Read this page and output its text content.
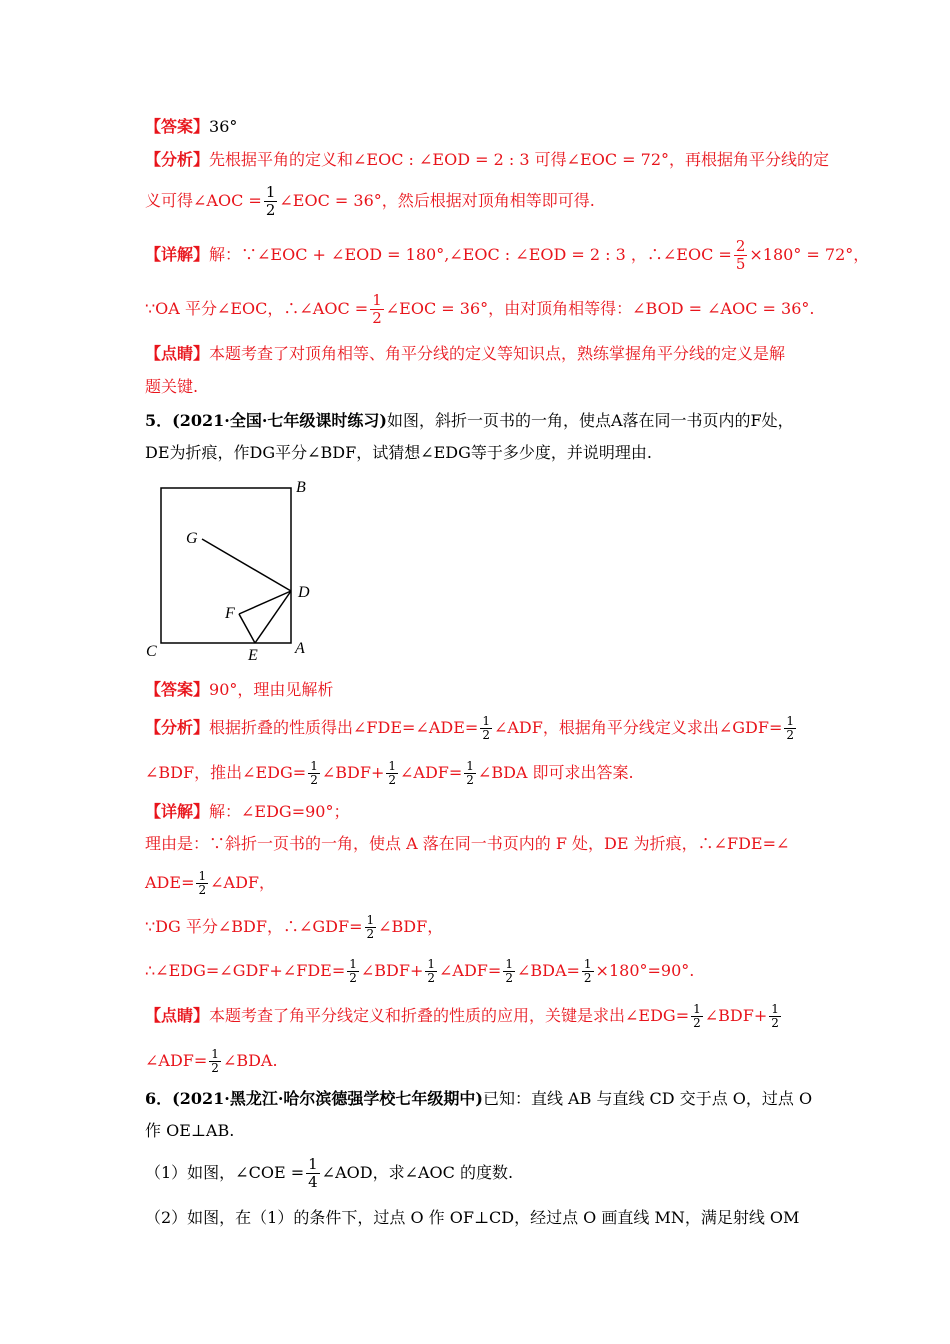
【答案】36°
【分析】先根据平角的定义和∠EOC : ∠EOD = 2 : 3 可得∠EOC = 72°，再根据角平分线的定
义可得∠AOC = $\frac{1}{2}$ ∠EOC = 36°，然后根据对顶角相等即可得.
【详解】解：∵∠EOC + ∠EOD = 180°,∠EOC : ∠EOD = 2 : 3 ，∴∠EOC = $\frac{2}{5} \times 180^\circ = 72^\circ$，
∵OA 平分∠EOC，∴∠AOC = $\frac{1}{2}$ ∠EOC = 36°，由对顶角相等得：∠BOD = ∠AOC = 36°.
【点睛】本题考查了对顶角相等、角平分线的定义等知识点，熟练掌握角平分线的定义是解
题关键.
5．(2021·全国·七年级课时练习)如图，斜折一页书的一角，使点A落在同一书页内的F处，
DE为折痕，作DG平分∠BDF，试猜想∠EDG等于多少度，并说明理由.
B
G
D
F
C	E A
【答案】90°，理由见解析
【分析】根据折叠的性质得出∠FDE=∠ADE= $\frac{1}{2}$ ∠ADF，根据角平分线定义求出∠GDF= $\frac{1}{2}$
∠BDF，推出∠EDG= $\frac{1}{2}$ ∠BDF+ $\frac{1}{2}$ ∠ADF= $\frac{1}{2}$ ∠BDA 即可求出答案.
【详解】解：∠EDG=90°；
理由是：∵斜折一页书的一角，使点 A 落在同一书页内的 F 处，DE 为折痕，∴∠FDE=∠
$ADE= \frac{1}{2}$ ∠ADF，
∵DG 平分∠BDF，∴∠GDF= $\frac{1}{2}$ ∠BDF，
∴∠EDG=∠GDF+∠FDE= $\frac{1}{2}$ ∠BDF+ $\frac{1}{2}$ ∠ADF= $\frac{1}{2}$ ∠BDA= $\frac{1}{2} \times 180^\circ=90^\circ$.
【点睛】本题考查了角平分线定义和折叠的性质的应用，关键是求出∠EDG= $\frac{1}{2}$ ∠BDF+ $\frac{1}{2}$
∠ADF= $\frac{1}{2}$ ∠BDA.
6．(2021·黑龙江·哈尔滨德强学校七年级期中)已知：直线 AB 与直线 CD 交于点 O，过点 O
作 OE⊥AB.
（1）如图，∠COE = $\frac{1}{4}$ ∠AOD，求∠AOC 的度数.
（2）如图，在（1）的条件下，过点 O 作 OF⊥CD，经过点 O 画直线 MN，满足射线 OM
